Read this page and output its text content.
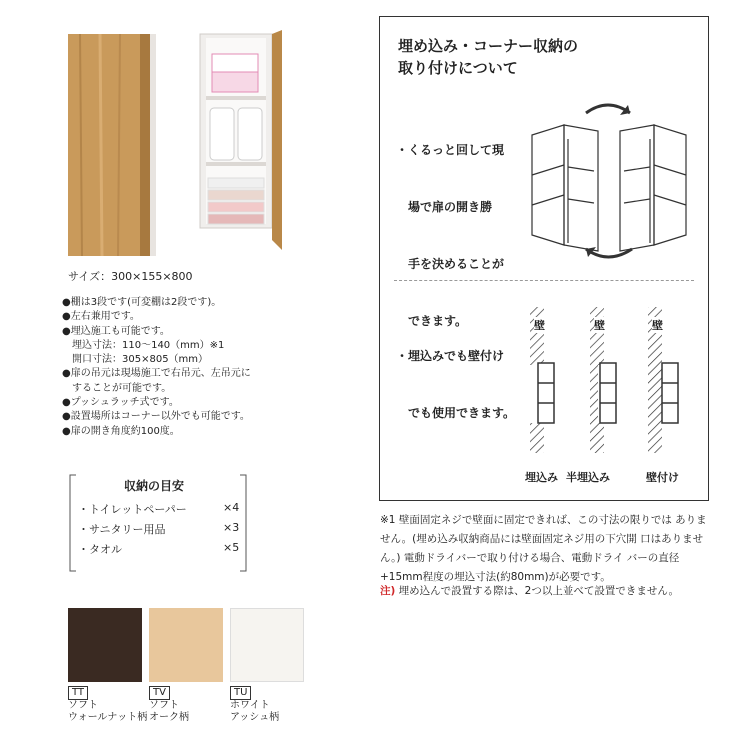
サイズ：300×155×800
●棚は3段です(可変棚は2段です)。
●左右兼用です。
●埋込施工も可能です。
　埋込寸法：110〜140（mm）※1
　開口寸法：305×805（mm）
●扉の吊元は現場施工で右吊元、左吊元に
　することが可能です。
●プッシュラッチ式です。
●設置場所はコーナー以外でも可能です。
●扉の開き角度約100度。
収納の目安
・トイレットペーパー	×4
・サニタリー用品	×3
・タオル	×5
TT	TV	TU
ソフト
ウォールナット柄
ソフト
オーク柄
ホワイト
アッシュ柄
埋め込み・コーナー収納の
取り付けについて

・くるっと回して現

　場で扉の開き勝

　手を決めることが

　できます。

・埋込みでも壁付け

　でも使用できます。

壁	壁	壁
埋込み 半埋込み	壁付け
※1 壁面固定ネジで壁面に固定できれば、この寸法の限りでは ありません。(埋め込み収納商品には壁面固定ネジ用の下穴開 口はありません。) 電動ドライバーで取り付ける場合、電動ドライ バーの直径+15mm程度の埋込寸法(約80mm)が必要です。
注) 埋め込んで設置する際は、2つ以上並べて設置できません。
